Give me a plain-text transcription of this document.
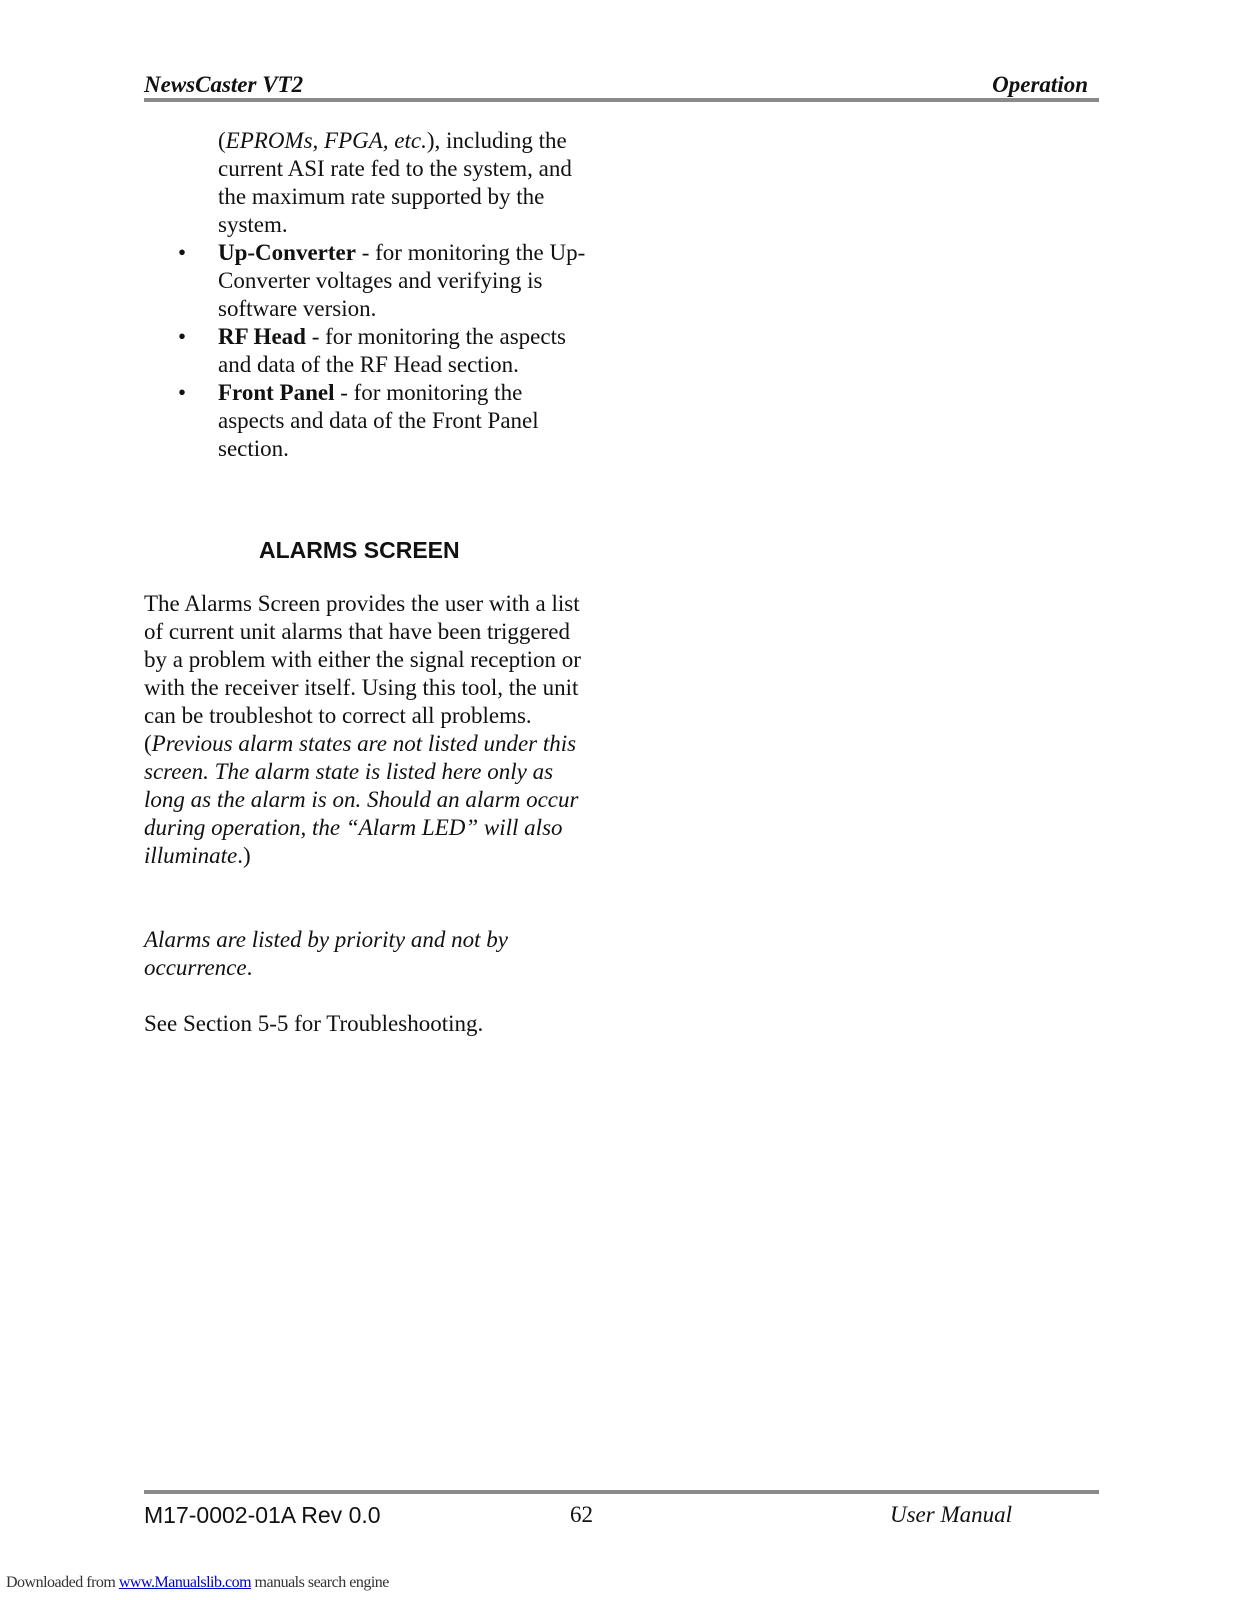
NewsCaster VT2	Operation
(EPROMs, FPGA, etc.), including the current ASI rate fed to the system, and the maximum rate supported by the system.
• Up-Converter - for monitoring the Up-Converter voltages and verifying is software version.
• RF Head - for monitoring the aspects and data of the RF Head section.
• Front Panel - for monitoring the aspects and data of the Front Panel section.
ALARMS SCREEN

The Alarms Screen provides the user with a list of current unit alarms that have been triggered by a problem with either the signal reception or with the receiver itself. Using this tool, the unit can be troubleshot to correct all problems. (Previous alarm states are not listed under this screen. The alarm state is listed here only as long as the alarm is on. Should an alarm occur during operation, the “Alarm LED” will also illuminate.)

Alarms are listed by priority and not by occurrence.

See Section 5-5 for Troubleshooting.

M17-0002-01A Rev 0.0	62	User Manual
Downloaded from www.Manualslib.com manuals search engine
